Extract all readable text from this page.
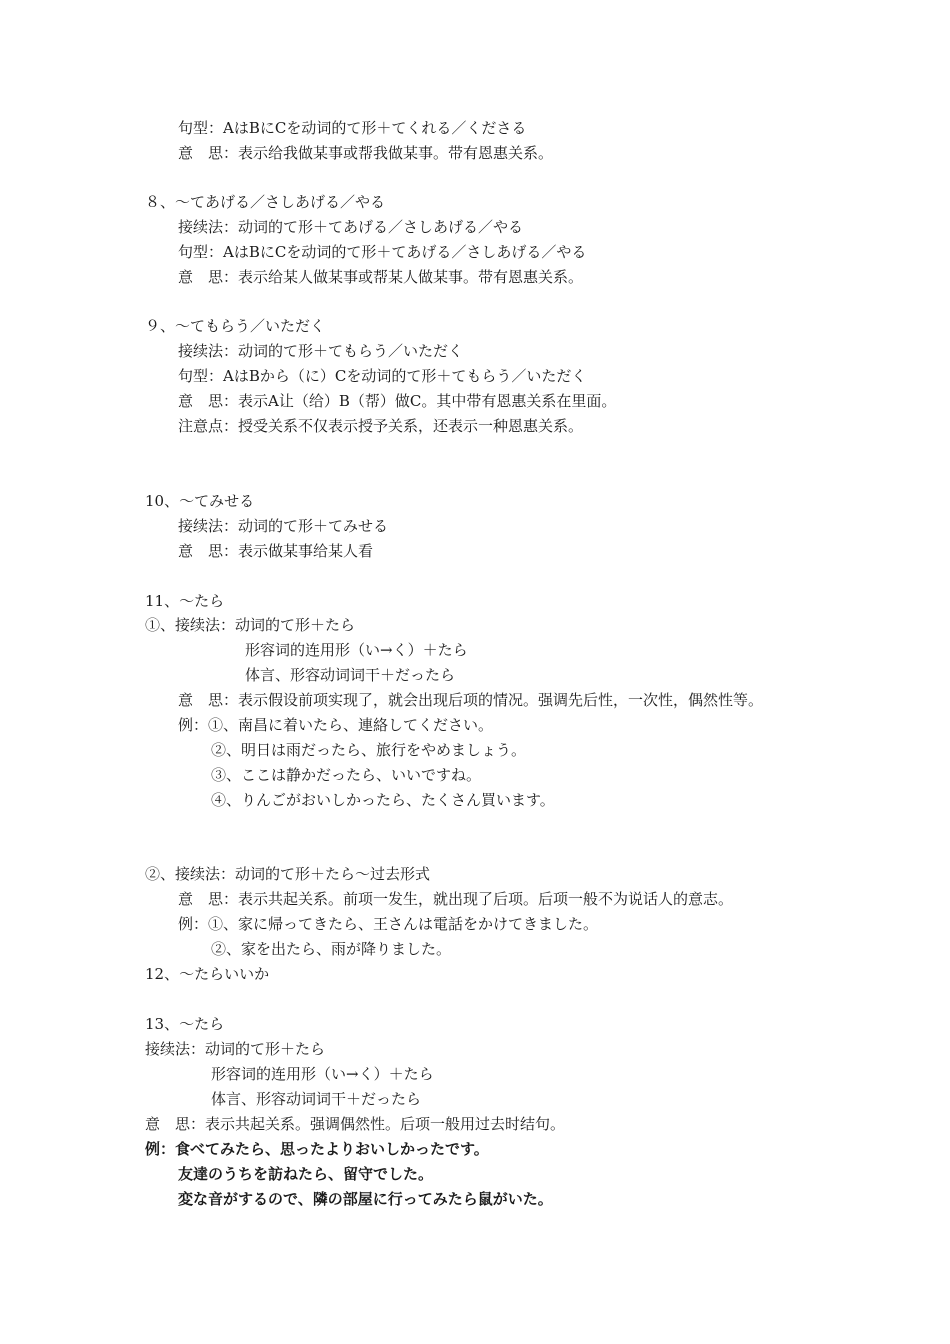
句型：AはBにCを动词的て形＋てくれる／くださる
意　思：表示给我做某事或帮我做某事。带有恩惠关系。
８、～てあげる／さしあげる／やる
接续法：动词的て形＋てあげる／さしあげる／やる
句型：AはBにCを动词的て形＋てあげる／さしあげる／やる
意　思：表示给某人做某事或帮某人做某事。带有恩惠关系。
９、～てもらう／いただく
接续法：动词的て形＋てもらう／いただく
句型：AはBから（に）Cを动词的て形＋てもらう／いただく
意　思：表示A让（给）B（帮）做C。其中带有恩惠关系在里面。
注意点：授受关系不仅表示授予关系，还表示一种恩惠关系。
10、～てみせる
接续法：动词的て形＋てみせる
意　思：表示做某事给某人看
11、～たら
①、接续法：动词的て形＋たら
形容词的连用形（い→く）＋たら
体言、形容动词词干＋だったら
意　思：表示假设前项实现了，就会出现后项的情况。强调先后性，一次性，偶然性等。
例：①、南昌に着いたら、連絡してください。
②、明日は雨だったら、旅行をやめましょう。
③、ここは静かだったら、いいですね。
④、りんごがおいしかったら、たくさん買います。
②、接续法：动词的て形＋たら～过去形式
意　思：表示共起关系。前项一发生，就出现了后项。后项一般不为说话人的意志。
例：①、家に帰ってきたら、王さんは電話をかけてきました。
②、家を出たら、雨が降りました。
12、～たらいいか
13、～たら
接续法：动词的て形＋たら
形容词的连用形（い→く）＋たら
体言、形容动词词干＋だったら
意　思：表示共起关系。强调偶然性。后项一般用过去时结句。
例：食べてみたら、思ったよりおいしかったです。
友達のうちを訪ねたら、留守でした。
変な音がするので、隣の部屋に行ってみたら鼠がいた。
